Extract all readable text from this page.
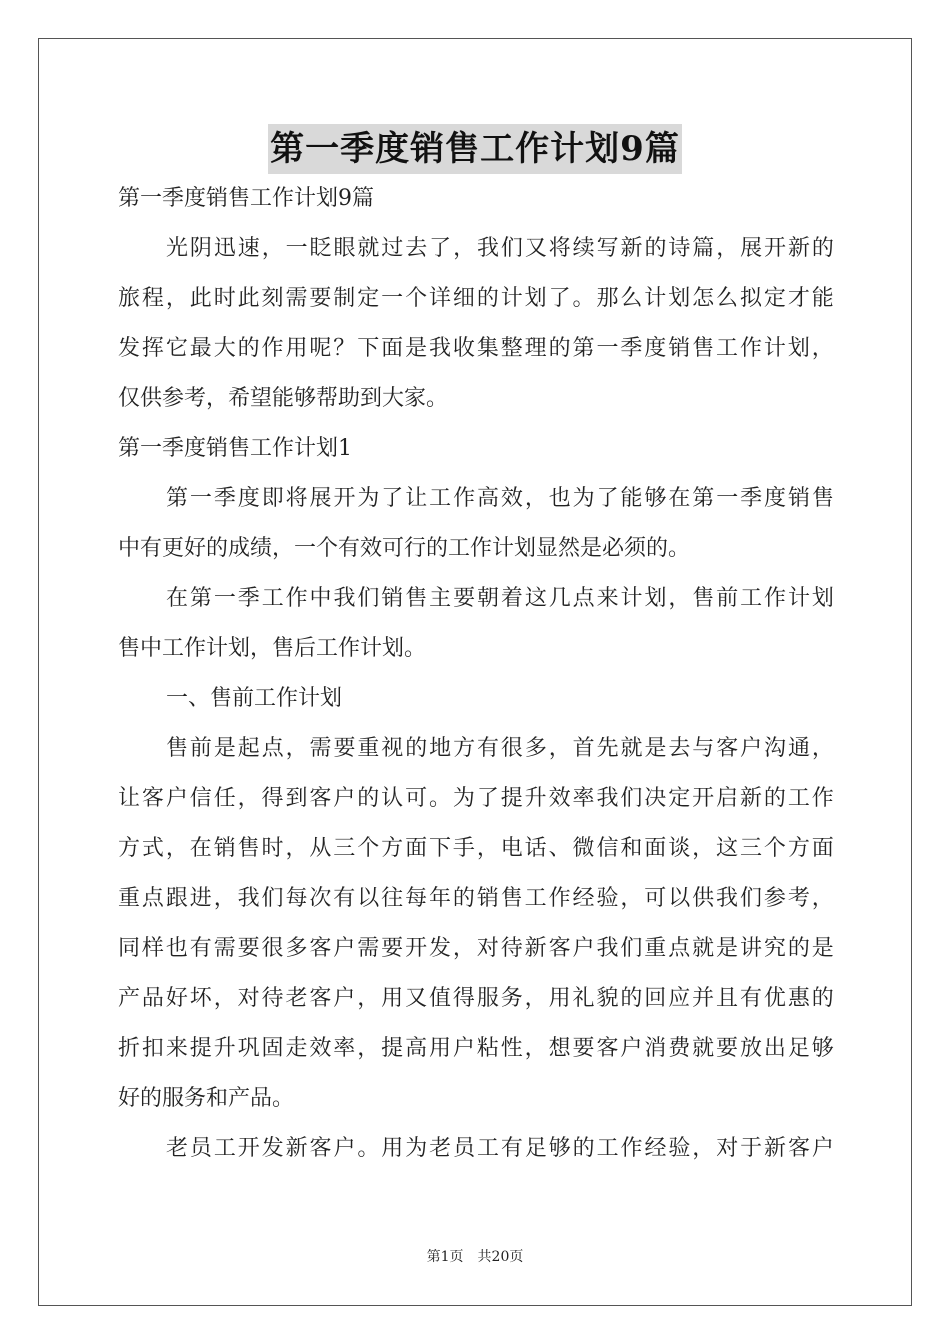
第一季度销售工作计划9篇
第一季度销售工作计划9篇
光 阴 迅 速 ， 一 眨 眼 就 过 去 了 ， 我 们 又 将 续 写 新 的 诗 篇 ， 展 开 新 的
旅 程 ， 此 时 此 刻 需 要 制 定 一 个 详 细 的 计 划 了 。 那 么 计 划 怎 么 拟 定 才 能
发 挥 它 最 大 的 作 用 呢 ？ 下 面 是 我 收 集 整 理 的 第 一 季 度 销 售 工 作 计 划 ，
仅供参考，希望能够帮助到大家。
第一季度销售工作计划1
第 一 季 度 即 将 展 开 为 了 让 工 作 高 效 ， 也 为 了 能 够 在 第 一 季 度 销 售
中有更好的成绩，一个有效可行的工作计划显然是必须的。
在 第 一 季 工 作 中 我 们 销 售 主 要 朝 着 这 几 点 来 计 划 ， 售 前 工 作 计 划
售中工作计划，售后工作计划。
一、售前工作计划
售 前 是 起 点 ， 需 要 重 视 的 地 方 有 很 多 ， 首 先 就 是 去 与 客 户 沟 通 ，
让 客 户 信 任 ， 得 到 客 户 的 认 可 。 为 了 提 升 效 率 我 们 决 定 开 启 新 的 工 作
方 式 ， 在 销 售 时 ， 从 三 个 方 面 下 手 ， 电 话 、 微 信 和 面 谈 ， 这 三 个 方 面
重 点 跟 进 ， 我 们 每 次 有 以 往 每 年 的 销 售 工 作 经 验 ， 可 以 供 我 们 参 考 ，
同 样 也 有 需 要 很 多 客 户 需 要 开 发 ， 对 待 新 客 户 我 们 重 点 就 是 讲 究 的 是
产 品 好 坏 ， 对 待 老 客 户 ， 用 又 值 得 服 务 ， 用 礼 貌 的 回 应 并 且 有 优 惠 的
折 扣 来 提 升 巩 固 走 效 率 ， 提 高 用 户 粘 性 ， 想 要 客 户 消 费 就 要 放 出 足 够
好的服务和产品。
老 员 工 开 发 新 客 户 。 用 为 老 员 工 有 足 够 的 工 作 经 验 ， 对 于 新 客 户
第1页　共20页
